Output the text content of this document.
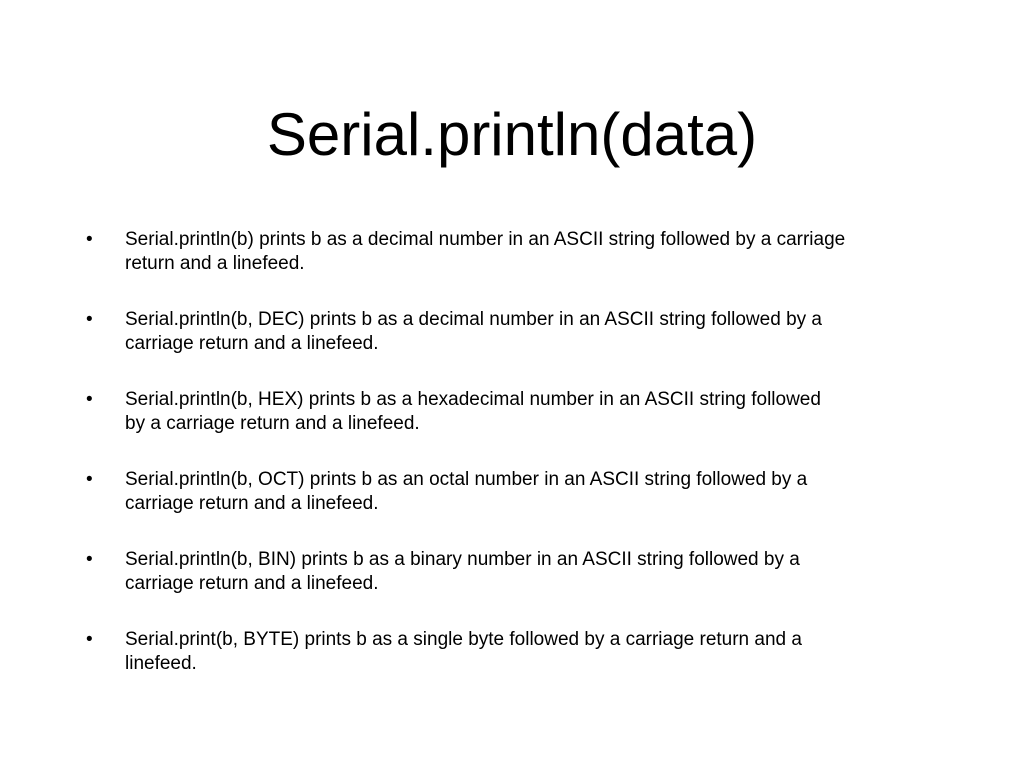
Serial.println(data)
•	Serial.println(b) prints b as a decimal number in an ASCII string followed by a carriage
return and a linefeed.
•	Serial.println(b, DEC) prints b as a decimal number in an ASCII string followed by a
carriage return and a linefeed.
•	Serial.println(b, HEX) prints b as a hexadecimal number in an ASCII string followed
by a carriage return and a linefeed.
•	Serial.println(b, OCT) prints b as an octal number in an ASCII string followed by a
carriage return and a linefeed.
•	Serial.println(b, BIN) prints b as a binary number in an ASCII string followed by a
carriage return and a linefeed.
•	Serial.print(b, BYTE) prints b as a single byte followed by a carriage return and a
linefeed.
